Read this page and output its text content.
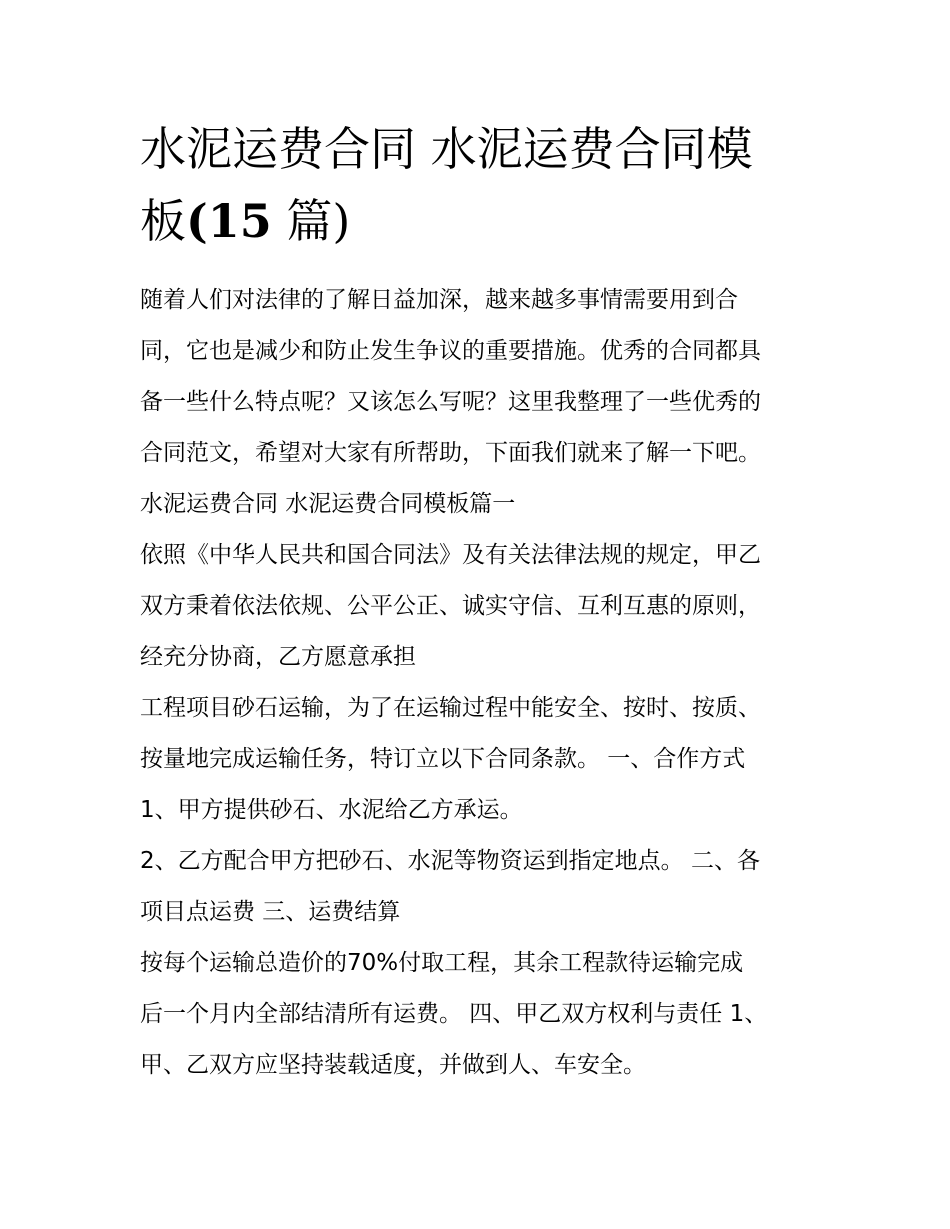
水泥运费合同 水泥运费合同模
板(15 篇)
随着人们对法律的了解日益加深，越来越多事情需要用到合
同，它也是减少和防止发生争议的重要措施。优秀的合同都具
备一些什么特点呢？又该怎么写呢？这里我整理了一些优秀的
合同范文，希望对大家有所帮助，下面我们就来了解一下吧。
水泥运费合同 水泥运费合同模板篇一
依照《中华人民共和国合同法》及有关法律法规的规定，甲乙
双方秉着依法依规、公平公正、诚实守信、互利互惠的原则，
经充分协商，乙方愿意承担
工程项目砂石运输，为了在运输过程中能安全、按时、按质、
按量地完成运输任务，特订立以下合同条款。 一、合作方式
1、甲方提供砂石、水泥给乙方承运。
2、乙方配合甲方把砂石、水泥等物资运到指定地点。 二、各
项目点运费 三、运费结算
按每个运输总造价的70%付取工程，其余工程款待运输完成
后一个月内全部结清所有运费。 四、甲乙双方权利与责任 1、
甲、乙双方应坚持装载适度，并做到人、车安全。
